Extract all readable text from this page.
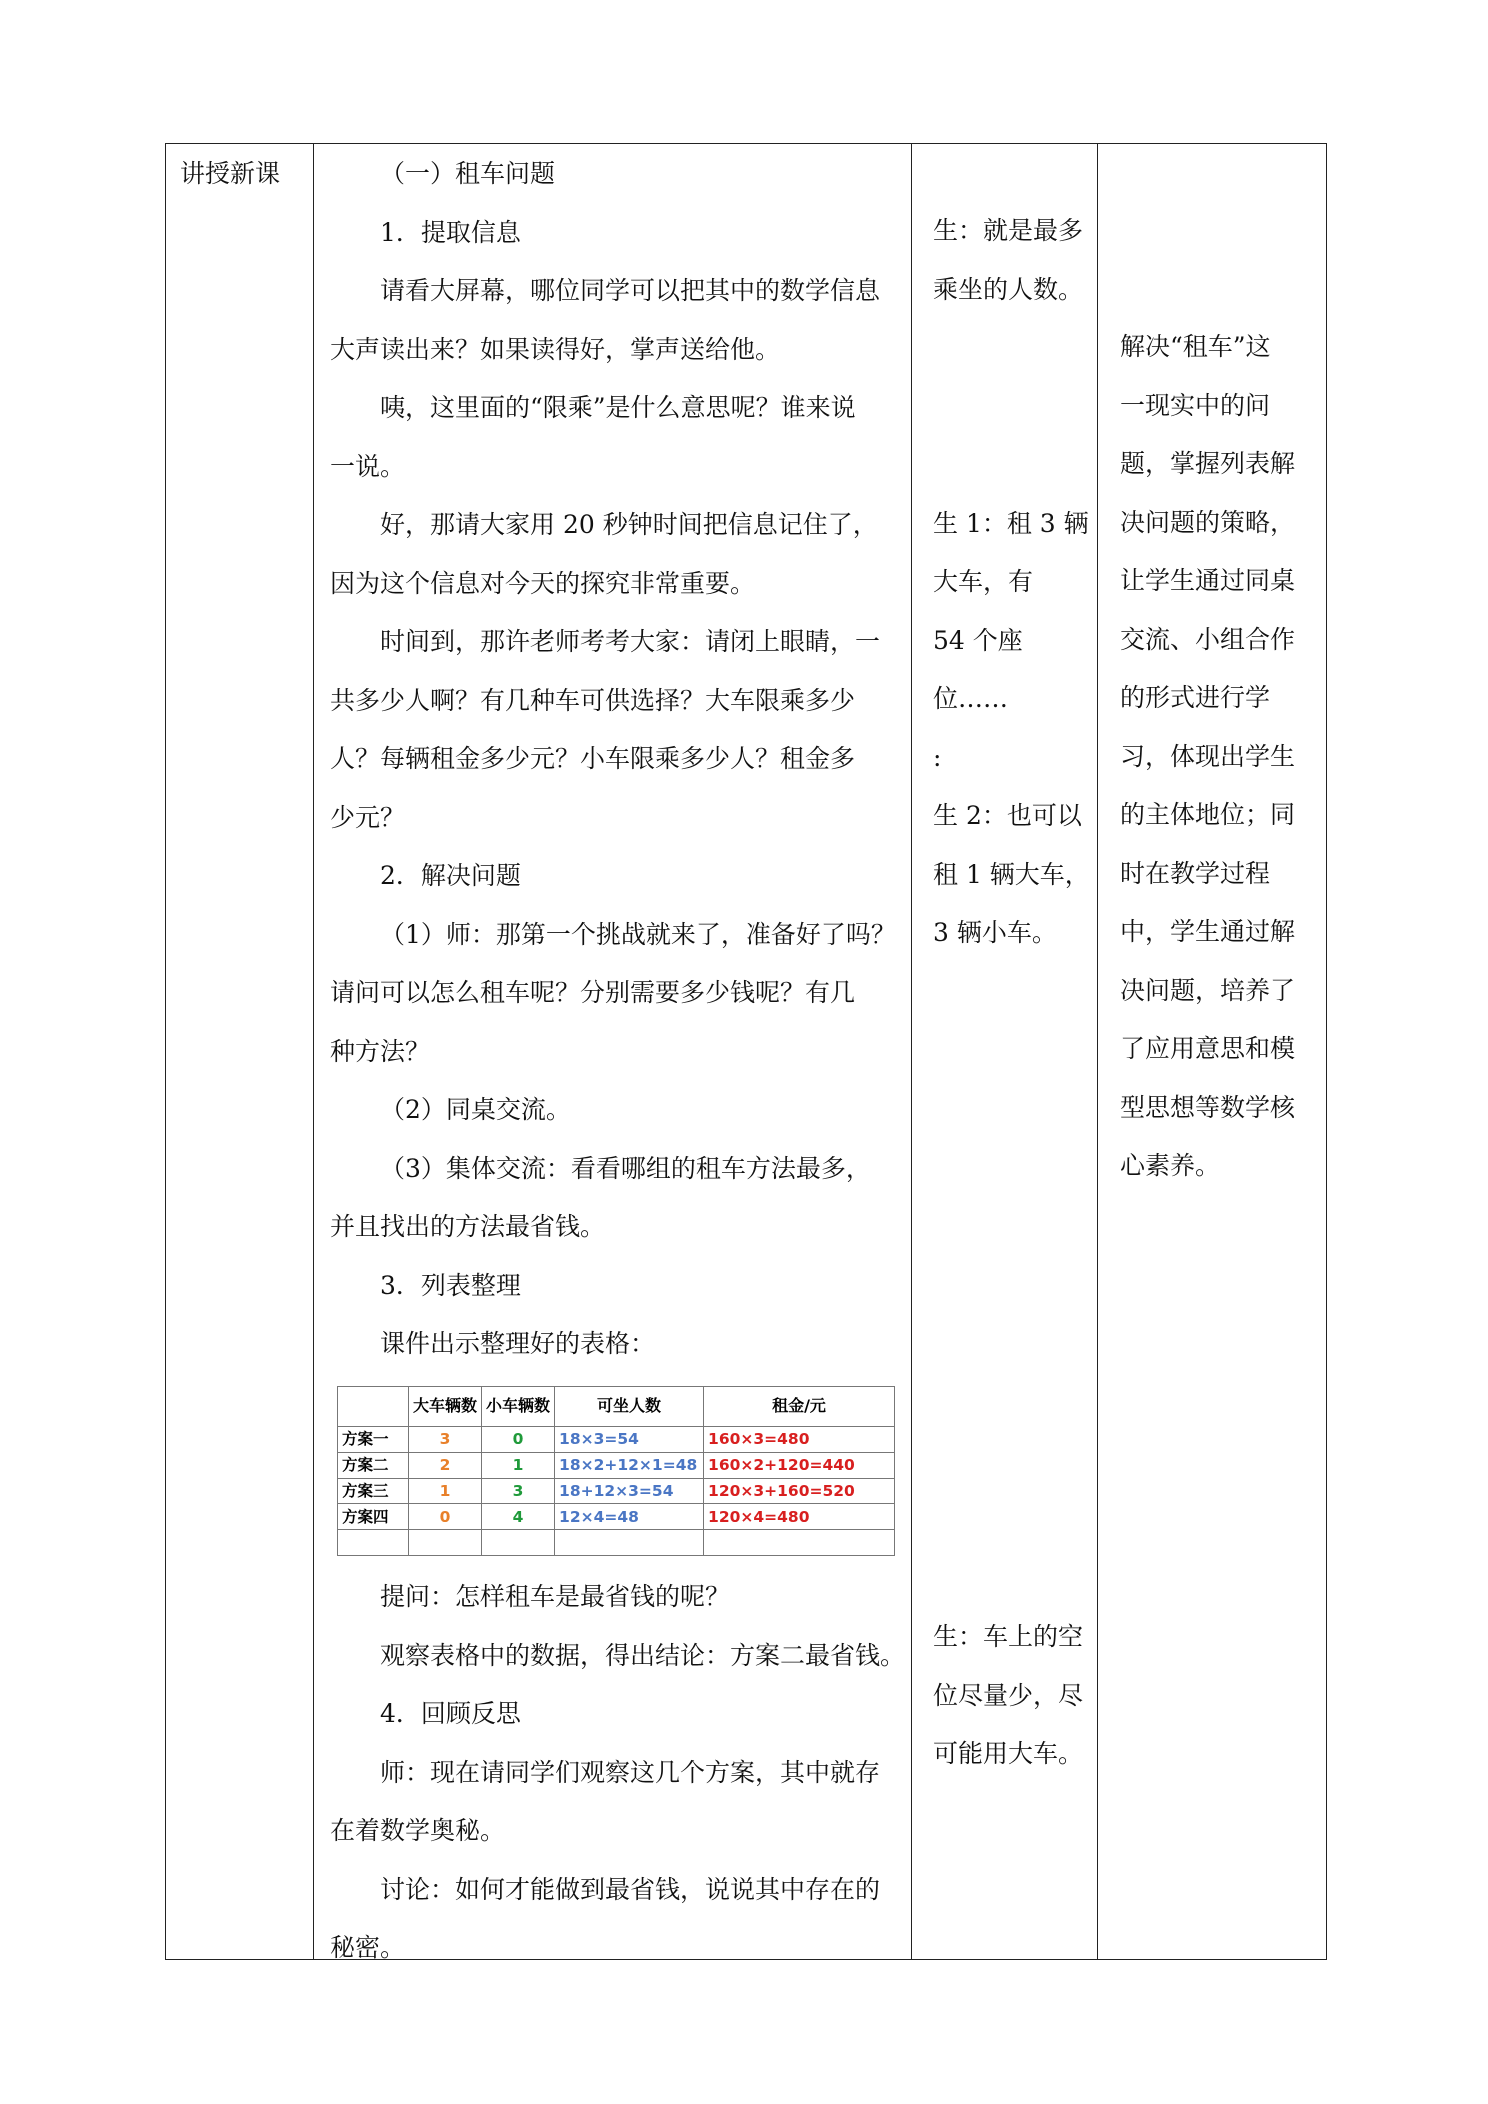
讲授新课	（一）租车问题

1．提取信息

请看大屏幕，哪位同学可以把其中的数学信息

大声读出来？如果读得好，掌声送给他。

咦，这里面的“限乘”是什么意思呢？谁来说

一说。

好，那请大家用 20 秒钟时间把信息记住了，

因为这个信息对今天的探究非常重要。

时间到，那许老师考考大家：请闭上眼睛，一

共多少人啊？有几种车可供选择？大车限乘多少

人？每辆租金多少元？小车限乘多少人？租金多

少元？

2．解决问题

（1）师：那第一个挑战就来了，准备好了吗？

请问可以怎么租车呢？分别需要多少钱呢？有几

种方法？

（2）同桌交流。

（3）集体交流：看看哪组的租车方法最多，

并且找出的方法最省钱。

3．列表整理

课件出示整理好的表格：

	大车辆数	小车辆数	可坐人数	租金/元
方案一	3	0	18×3=54	160×3=480
方案二	2	1	18×2+12×1=48	160×2+120=440
方案三	1	3	18+12×3=54	120×3+160=520
方案四	0	4	12×4=48	120×4=480

提问：怎样租车是最省钱的呢？

观察表格中的数据，得出结论：方案二最省钱。

4．回顾反思

师：现在请同学们观察这几个方案，其中就存

在着数学奥秘。

讨论：如何才能做到最省钱，说说其中存在的

秘密。

生：就是最多

乘坐的人数。

生 1：租 3 辆

大车，有

54 个座

位……

:

生 2：也可以

租 1 辆大车，

3 辆小车。

生：车上的空

位尽量少，尽

可能用大车。

解决“租车”这

一现实中的问

题，掌握列表解

决问题的策略，

让学生通过同桌

交流、小组合作

的形式进行学

习，体现出学生

的主体地位；同

时在教学过程

中，学生通过解

决问题，培养了

了应用意思和模

型思想等数学核

心素养。
